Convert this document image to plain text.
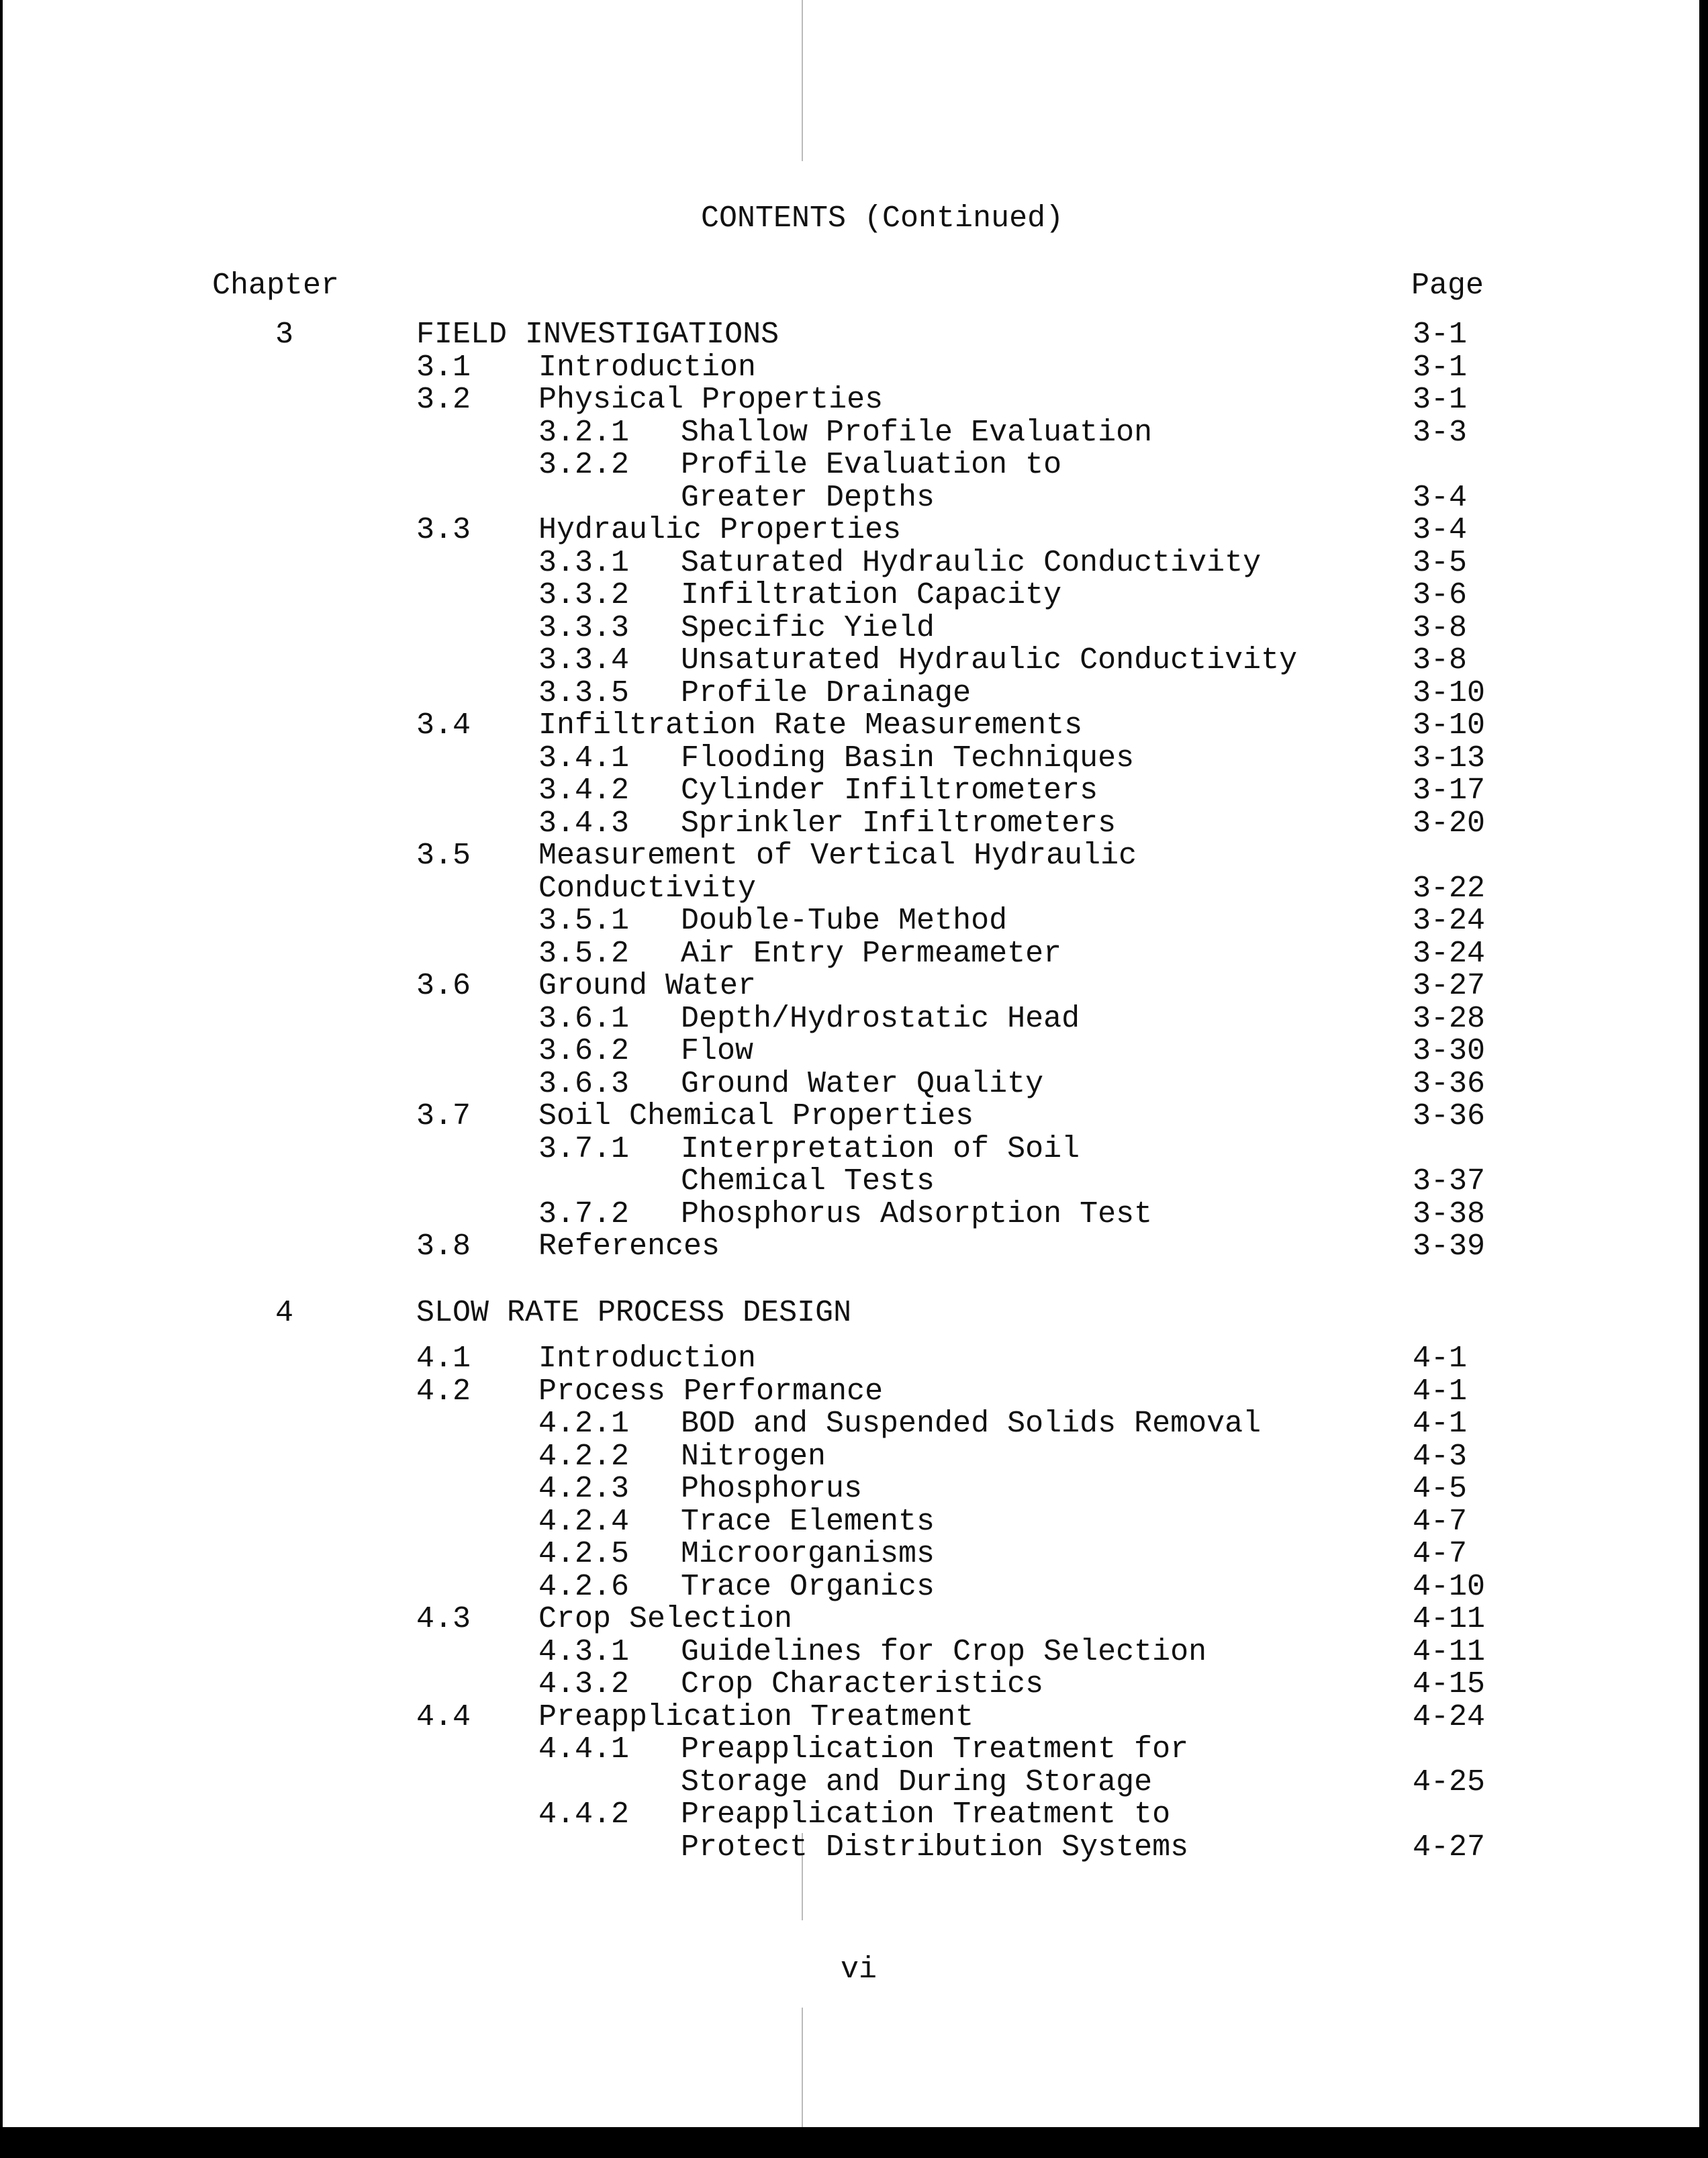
CONTENTS (Continued)
Chapter	Page
3	FIELD INVESTIGATIONS	3-1
3.1 Introduction	3-1
3.2 Physical Properties	3-1
3.2.1 Shallow Profile Evaluation	3-3
3.2.2 Profile Evaluation to
Greater Depths	3-4
3.3 Hydraulic Properties	3-4
3.3.1 Saturated Hydraulic Conductivity	3-5
3.3.2 Infiltration Capacity	3-6
3.3.3 Specific Yield	3-8
3.3.4 Unsaturated Hydraulic Conductivity	3-8
3.3.5 Profile Drainage	3-10
3.4 Infiltration Rate Measurements	3-10
3.4.1 Flooding Basin Techniques	3-13
3.4.2 Cylinder Infiltrometers	3-17
3.4.3 Sprinkler Infiltrometers	3-20
3.5 Measurement of Vertical Hydraulic
Conductivity	3-22
3.5.1 Double-Tube Method	3-24
3.5.2 Air Entry Permeameter	3-24
3.6 Ground Water	3-27
3.6.1 Depth/Hydrostatic Head	3-28
3.6.2 Flow	3-30
3.6.3 Ground Water Quality	3-36
3.7 Soil Chemical Properties	3-36
3.7.1 Interpretation of Soil
Chemical Tests	3-37
3.7.2 Phosphorus Adsorption Test	3-38
3.8 References	3-39
4	SLOW RATE PROCESS DESIGN
4.1 Introduction	4-1
4.2 Process Performance	4-1
4.2.1 BOD and Suspended Solids Removal	4-1
4.2.2 Nitrogen	4-3
4.2.3 Phosphorus	4-5
4.2.4 Trace Elements	4-7
4.2.5 Microorganisms	4-7
4.2.6 Trace Organics	4-10
4.3 Crop Selection	4-11
4.3.1 Guidelines for Crop Selection	4-11
4.3.2 Crop Characteristics	4-15
4.4 Preapplication Treatment	4-24
4.4.1 Preapplication Treatment for
Storage and During Storage	4-25
4.4.2 Preapplication Treatment to
Protect Distribution Systems	4-27
vi
